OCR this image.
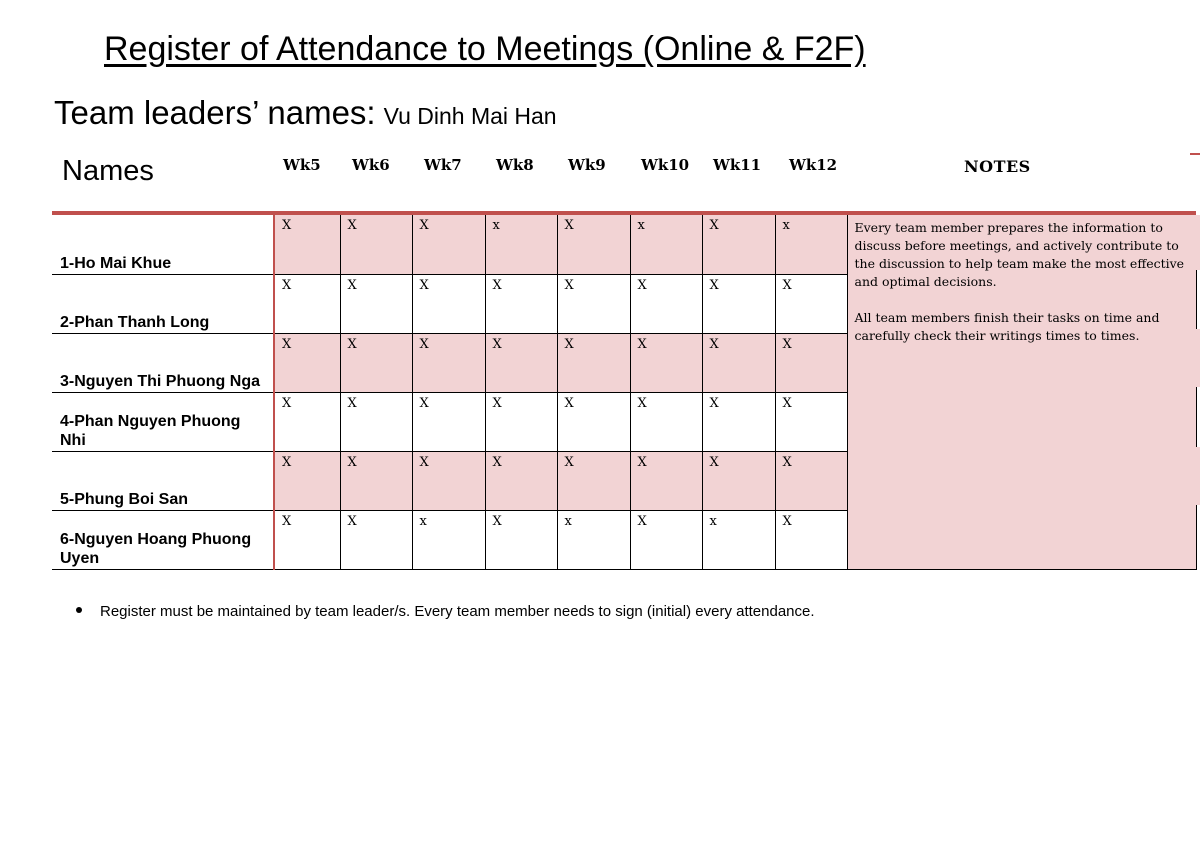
Register of Attendance to Meetings (Online & F2F)
Team leaders’ names: Vu Dinh Mai Han
Names	Wk5 Wk6 Wk7 Wk8 Wk9 Wk10 Wk11 Wk12	NOTES

1-Ho Mai Khue	X	X	X	x	X	x	X	x	Every team member prepares the information to discuss before meetings, and actively contribute to the discussion to help team make the most effective and optimal decisions.

All team members finish their tasks on time and carefully check their writings times to times.

2-Phan Thanh Long	X	X	X	X	X	X	X	X	
3-Nguyen Thi Phuong Nga	X	X	X	X	X	X	X	X	
4-Phan Nguyen Phuong Nhi	X	X	X	X	X	X	X	X	
5-Phung Boi San	X	X	X	X	X	X	X	X	
6-Nguyen Hoang Phuong Uyen	X	X	x	X	x	X	x	X	
Register must be maintained by team leader/s. Every team member needs to sign (initial) every attendance.
